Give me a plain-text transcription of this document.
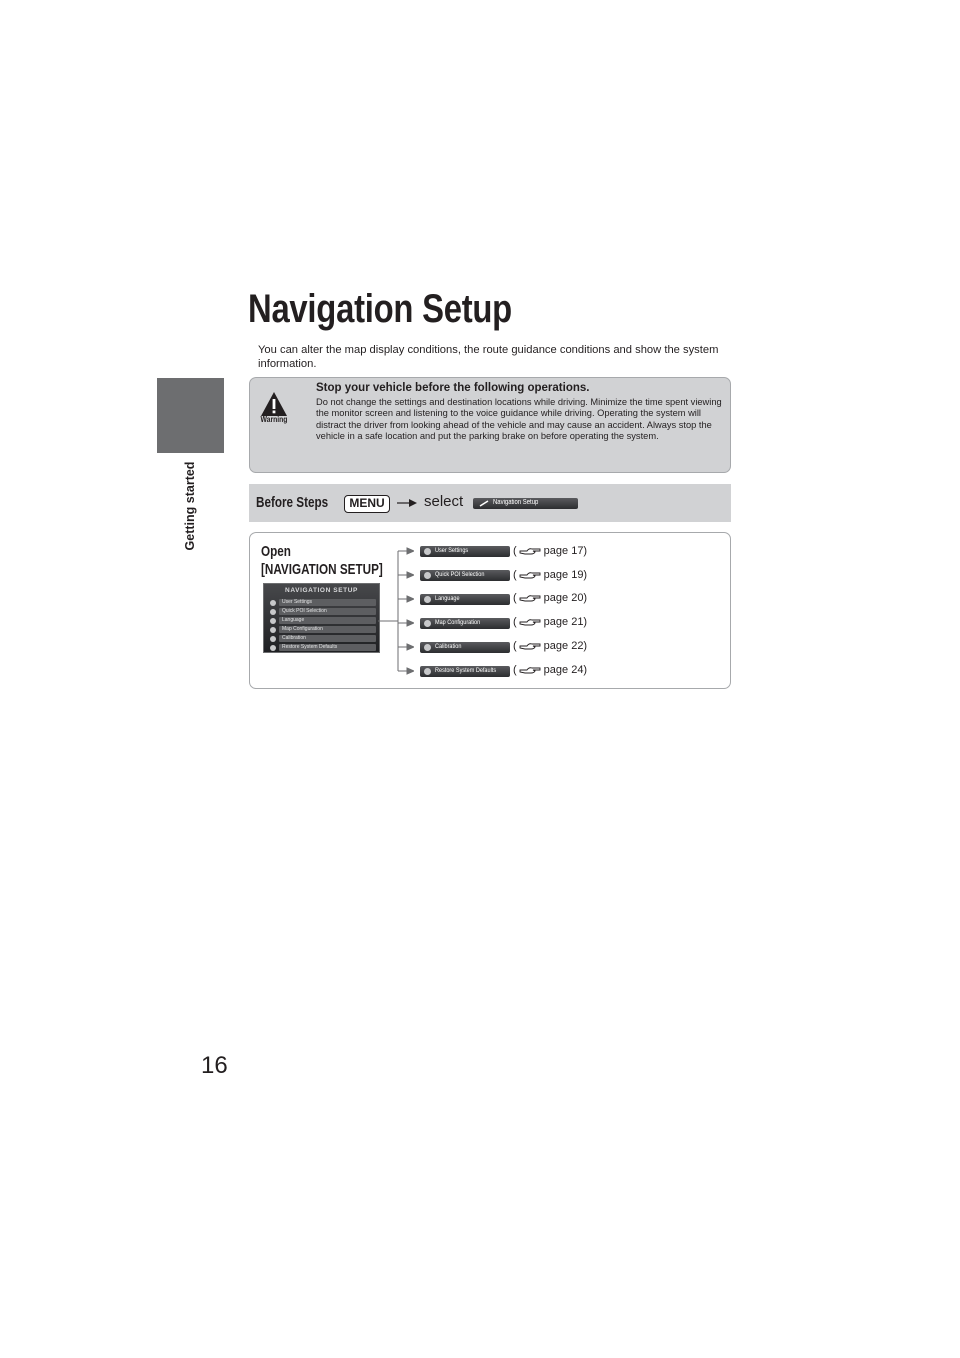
Getting started
16
Navigation Setup

You can alter the map display conditions, the route guidance conditions and show the system information.

Warning
Stop your vehicle before the following operations.
Do not change the settings and destination locations while driving. Minimize the time spent viewing the monitor screen and listening to the voice guidance while driving. Operating the system will distract the driver from looking ahead of the vehicle and may cause an accident. Always stop the vehicle in a safe location and put the parking brake on before operating the system.
Before Steps	MENU	select	Navigation Setup
Open
[NAVIGATION SETUP]
NAVIGATION SETUP
User Settings
Quick POI Selection
Language
Map Configuration
Calibration
Restore System Defaults
User Settings
Quick POI Selection
Language
Map Configuration
Calibration
Restore System Defaults
( page 17)
( page 19)
( page 20)
( page 21)
( page 22)
( page 24)
